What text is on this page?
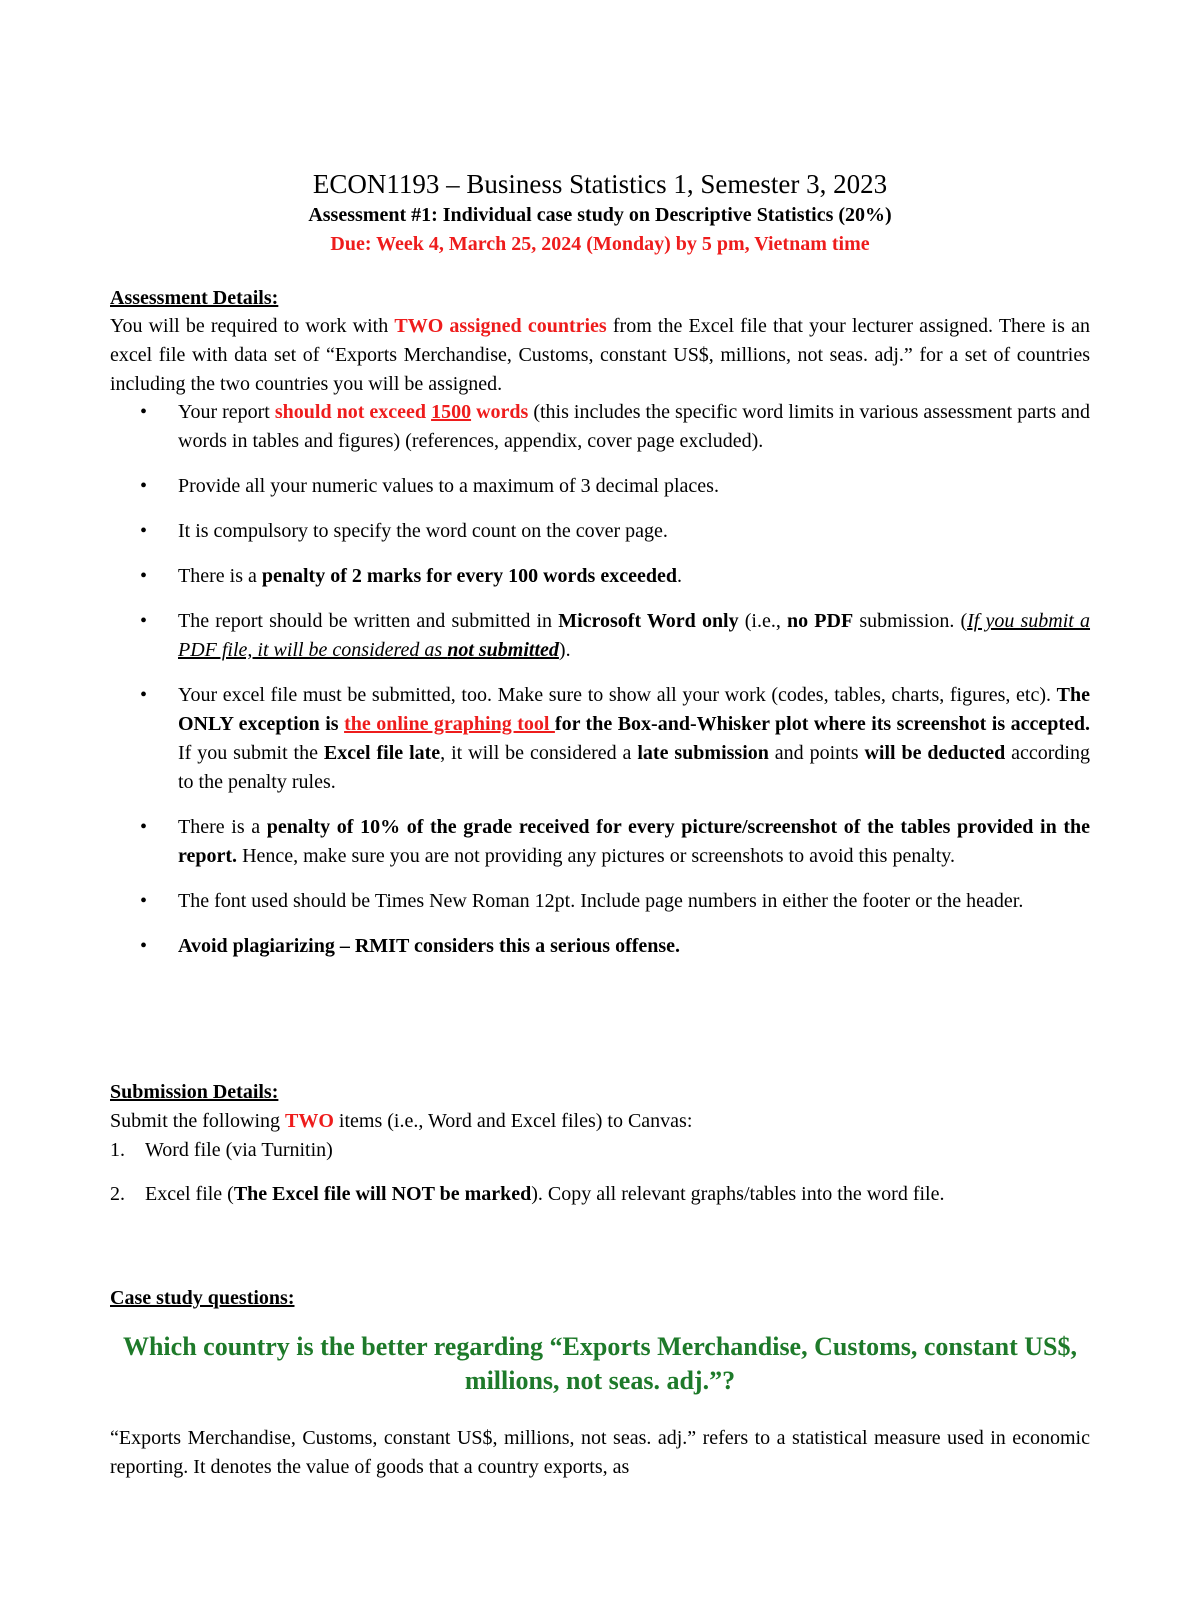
ECON1193 – Business Statistics 1, Semester 3, 2023
Assessment #1: Individual case study on Descriptive Statistics (20%)
Due: Week 4, March 25, 2024 (Monday) by 5 pm, Vietnam time
Assessment Details:
You will be required to work with TWO assigned countries from the Excel file that your lecturer assigned. There is an excel file with data set of “Exports Merchandise, Customs, constant US$, millions, not seas. adj.” for a set of countries including the two countries you will be assigned.
• Your report should not exceed 1500 words (this includes the specific word limits in various assessment parts and words in tables and figures) (references, appendix, cover page excluded).
• Provide all your numeric values to a maximum of 3 decimal places.
• It is compulsory to specify the word count on the cover page.
• There is a penalty of 2 marks for every 100 words exceeded.
• The report should be written and submitted in Microsoft Word only (i.e., no PDF submission. (If you submit a PDF file, it will be considered as not submitted).
• Your excel file must be submitted, too. Make sure to show all your work (codes, tables, charts, figures, etc). The ONLY exception is the online graphing tool for the Box-and-Whisker plot where its screenshot is accepted. If you submit the Excel file late, it will be considered a late submission and points will be deducted according to the penalty rules.
• There is a penalty of 10% of the grade received for every picture/screenshot of the tables provided in the report. Hence, make sure you are not providing any pictures or screenshots to avoid this penalty.
• The font used should be Times New Roman 12pt. Include page numbers in either the footer or the header.
• Avoid plagiarizing – RMIT considers this a serious offense.
Submission Details:
Submit the following TWO items (i.e., Word and Excel files) to Canvas:
1.	Word file (via Turnitin)
2.	Excel file (The Excel file will NOT be marked). Copy all relevant graphs/tables into the word file.
Case study questions:
Which country is the better regarding “Exports Merchandise, Customs, constant US$, millions, not seas. adj.”?
“Exports Merchandise, Customs, constant US$, millions, not seas. adj.” refers to a statistical measure used in economic reporting. It denotes the value of goods that a country exports, as
